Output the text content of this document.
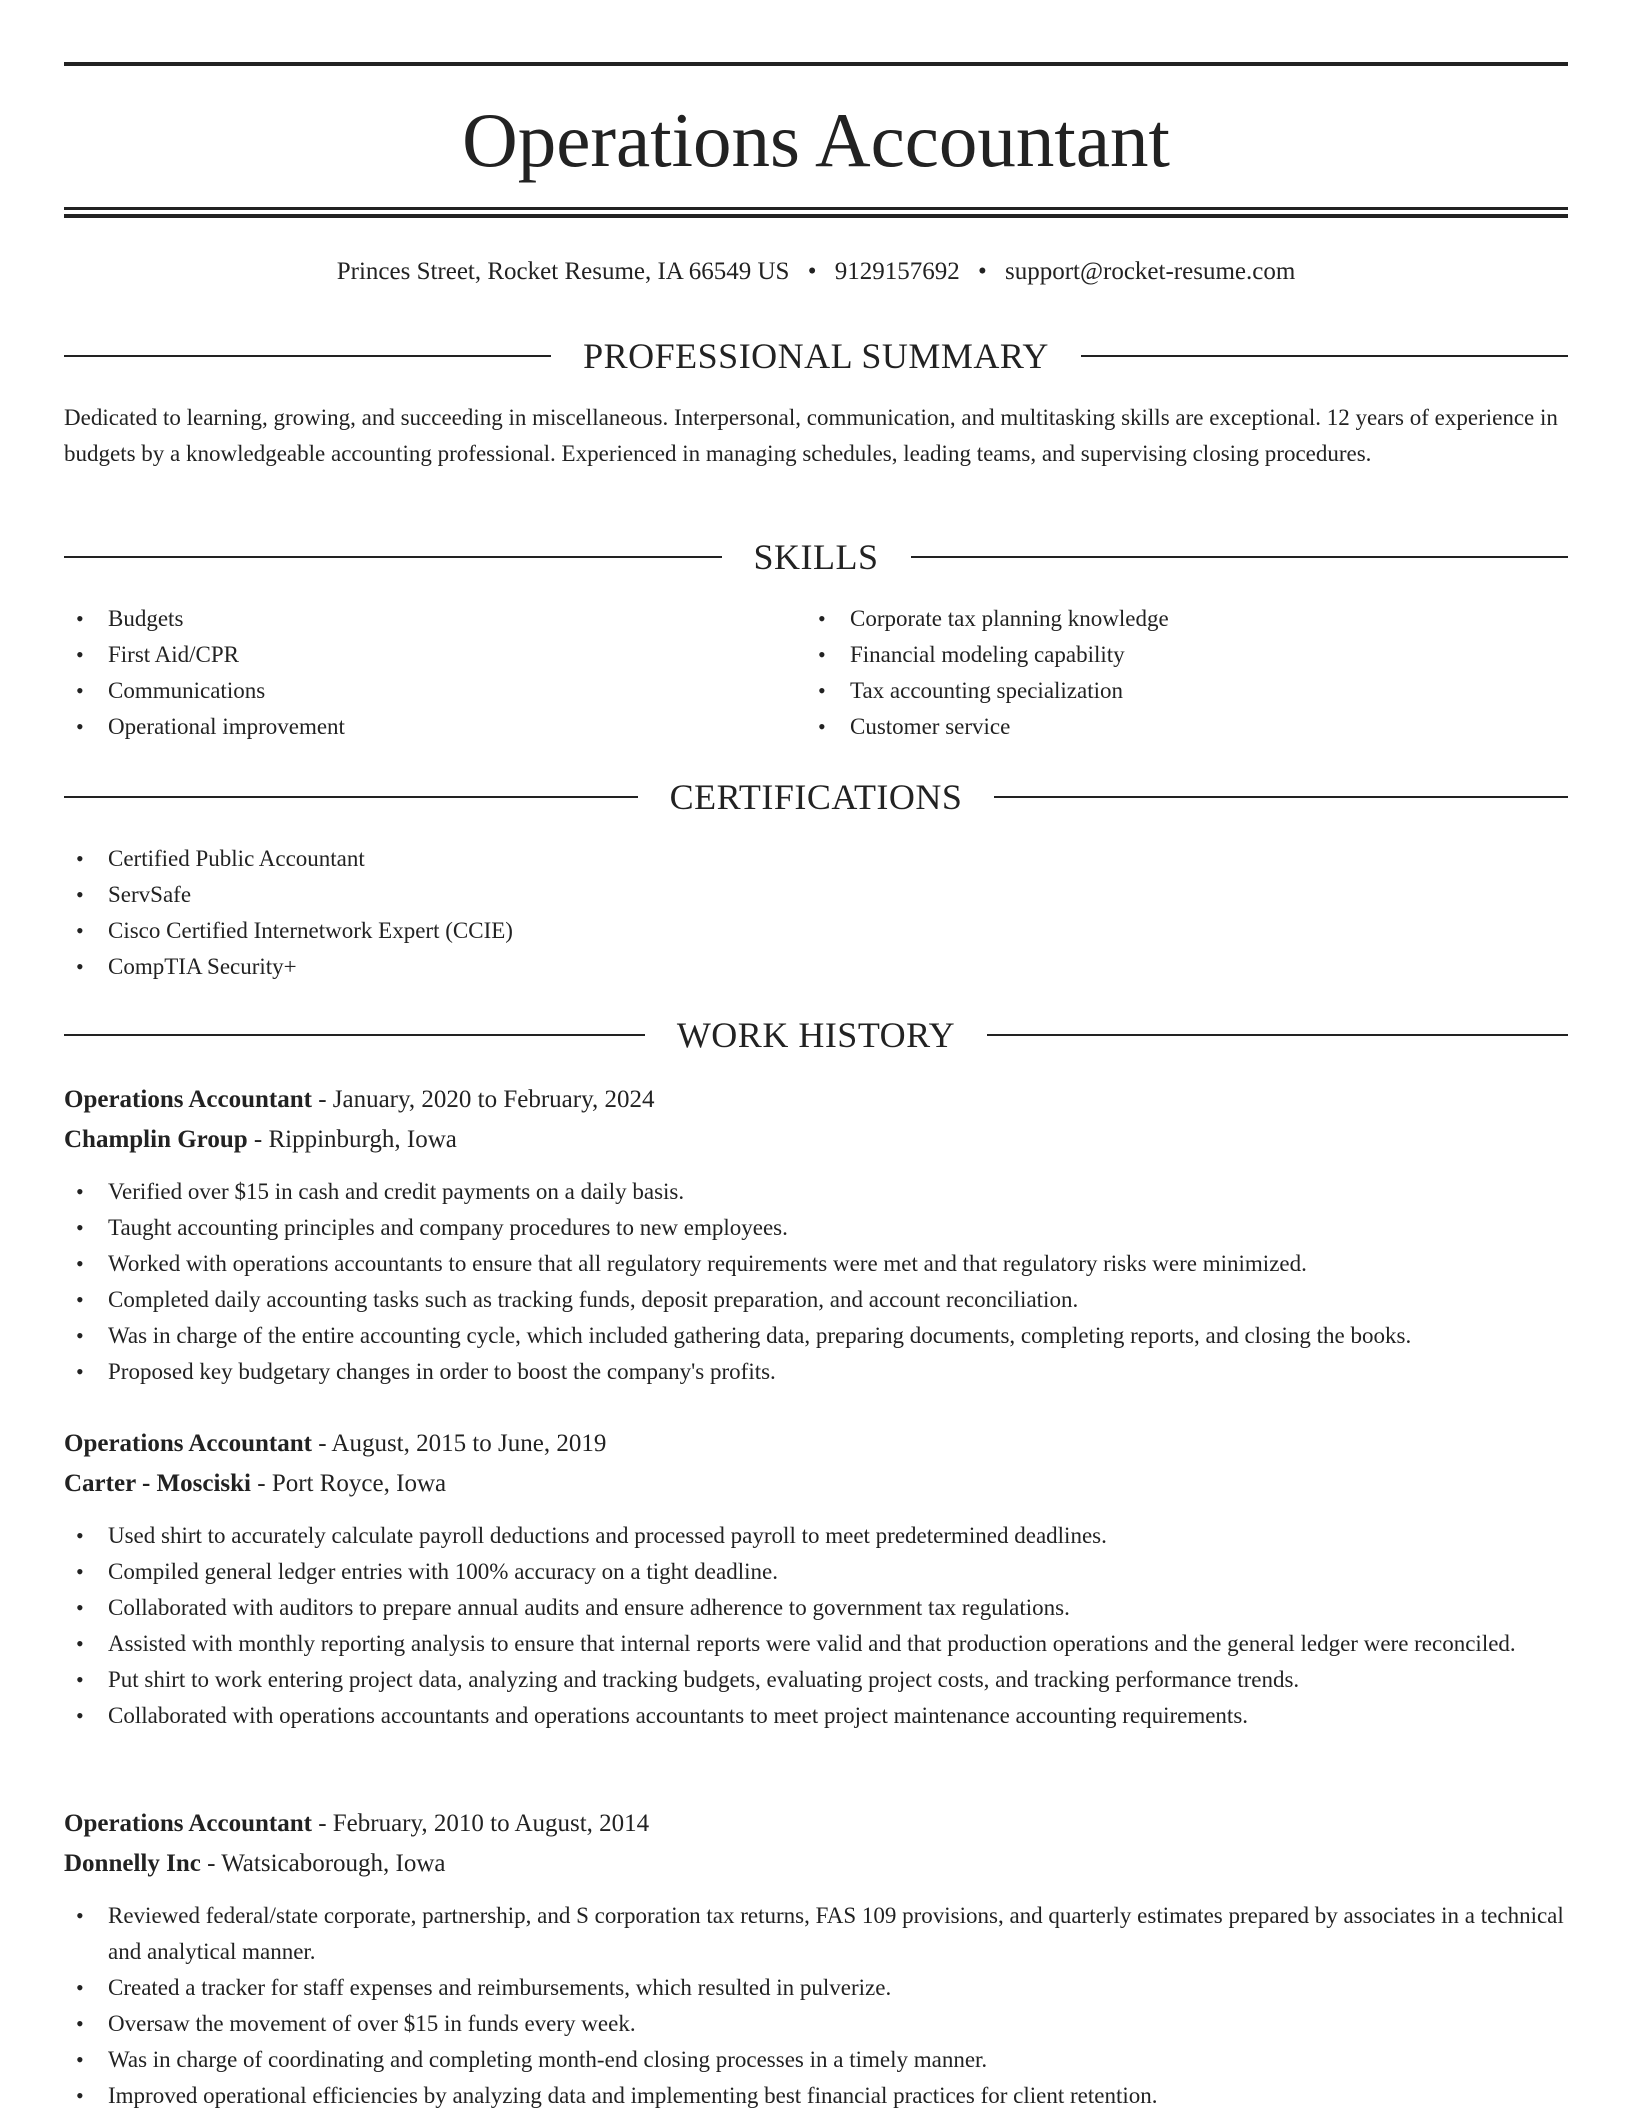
Operations Accountant
Princes Street, Rocket Resume, IA 66549 US • 9129157692 • support@rocket-resume.com
PROFESSIONAL SUMMARY
Dedicated to learning, growing, and succeeding in miscellaneous. Interpersonal, communication, and multitasking skills are exceptional. 12 years of experience in budgets by a knowledgeable accounting professional. Experienced in managing schedules, leading teams, and supervising closing procedures.
SKILLS
• Budgets
• First Aid/CPR
• Communications
• Operational improvement
• Corporate tax planning knowledge
• Financial modeling capability
• Tax accounting specialization
• Customer service
CERTIFICATIONS
• Certified Public Accountant
• ServSafe
• Cisco Certified Internetwork Expert (CCIE)
• CompTIA Security+
WORK HISTORY
Operations Accountant - January, 2020 to February, 2024
Champlin Group - Rippinburgh, Iowa
• Verified over $15 in cash and credit payments on a daily basis.
• Taught accounting principles and company procedures to new employees.
• Worked with operations accountants to ensure that all regulatory requirements were met and that regulatory risks were minimized.
• Completed daily accounting tasks such as tracking funds, deposit preparation, and account reconciliation.
• Was in charge of the entire accounting cycle, which included gathering data, preparing documents, completing reports, and closing the books.
• Proposed key budgetary changes in order to boost the company's profits.
Operations Accountant - August, 2015 to June, 2019
Carter - Mosciski - Port Royce, Iowa
• Used shirt to accurately calculate payroll deductions and processed payroll to meet predetermined deadlines.
• Compiled general ledger entries with 100% accuracy on a tight deadline.
• Collaborated with auditors to prepare annual audits and ensure adherence to government tax regulations.
• Assisted with monthly reporting analysis to ensure that internal reports were valid and that production operations and the general ledger were reconciled.
• Put shirt to work entering project data, analyzing and tracking budgets, evaluating project costs, and tracking performance trends.
• Collaborated with operations accountants and operations accountants to meet project maintenance accounting requirements.
Operations Accountant - February, 2010 to August, 2014
Donnelly Inc - Watsicaborough, Iowa
• Reviewed federal/state corporate, partnership, and S corporation tax returns, FAS 109 provisions, and quarterly estimates prepared by associates in a technical and analytical manner.
• Created a tracker for staff expenses and reimbursements, which resulted in pulverize.
• Oversaw the movement of over $15 in funds every week.
• Was in charge of coordinating and completing month-end closing processes in a timely manner.
• Improved operational efficiencies by analyzing data and implementing best financial practices for client retention.
